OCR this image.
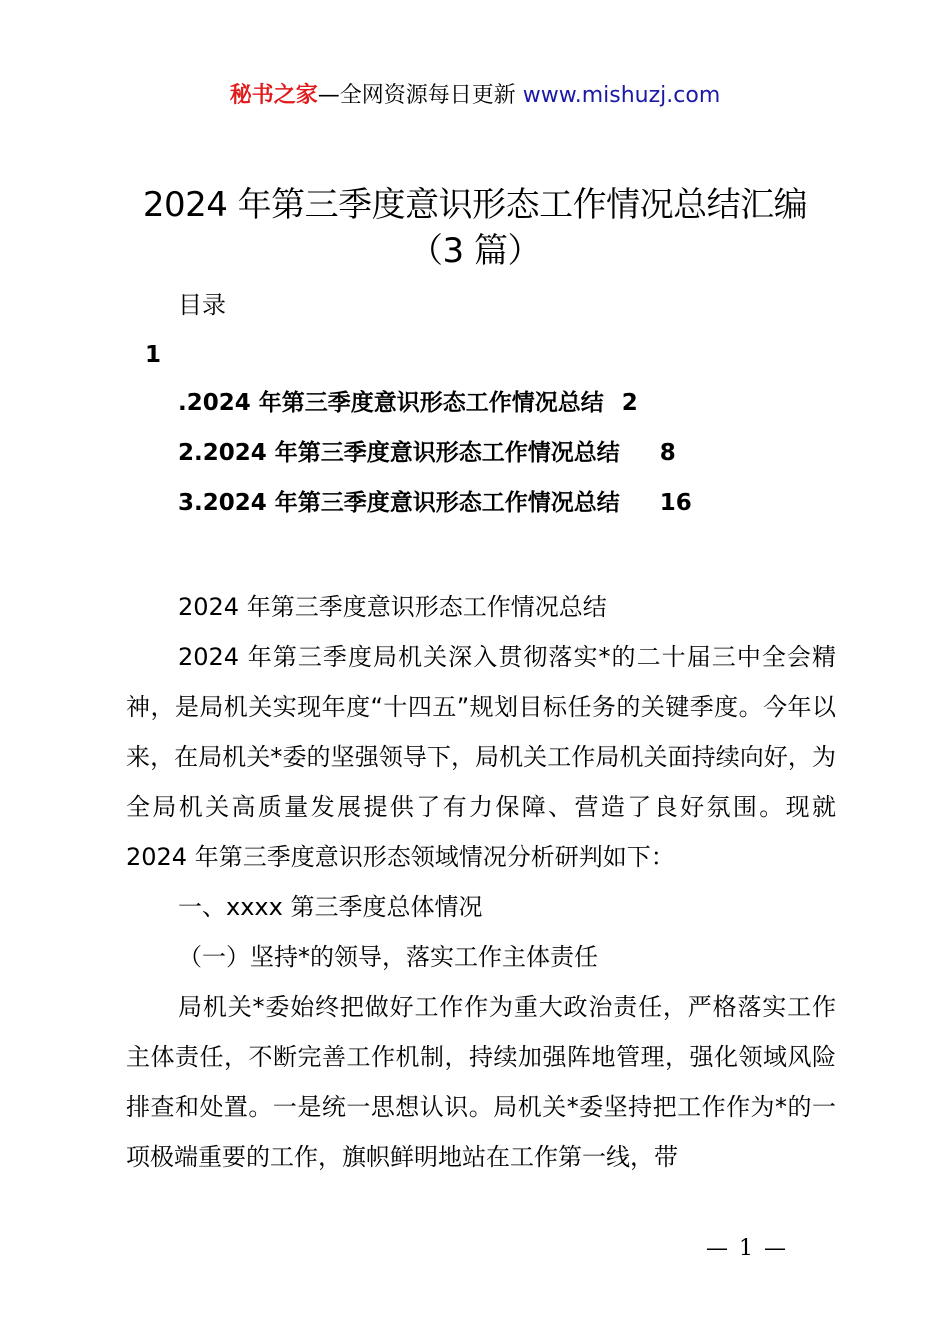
秘书之家—全网资源每日更新 www.mishuzj.com
2024 年第三季度意识形态工作情况总结汇编（3 篇）
目录
1
.2024 年第三季度意识形态工作情况总结 2
2.2024 年第三季度意识形态工作情况总结 8
3.2024 年第三季度意识形态工作情况总结 16

2024 年第三季度意识形态工作情况总结

2024 年第三季度局机关深入贯彻落实*的二十届三中全会精神，是局机关实现年度“十四五”规划目标任务的关键季度。今年以来，在局机关*委的坚强领导下，局机关工作局机关面持续向好，为全局机关高质量发展提供了有力保障、营造了良好氛围。现就 2024 年第三季度意识形态领域情况分析研判如下：

一、xxxx 第三季度总体情况

（一）坚持*的领导，落实工作主体责任

局机关*委始终把做好工作作为重大政治责任，严格落实工作主体责任，不断完善工作机制，持续加强阵地管理，强化领域风险排查和处置。一是统一思想认识。局机关*委坚持把工作作为*的一项极端重要的工作，旗帜鲜明地站在工作第一线，带

— 1 —
